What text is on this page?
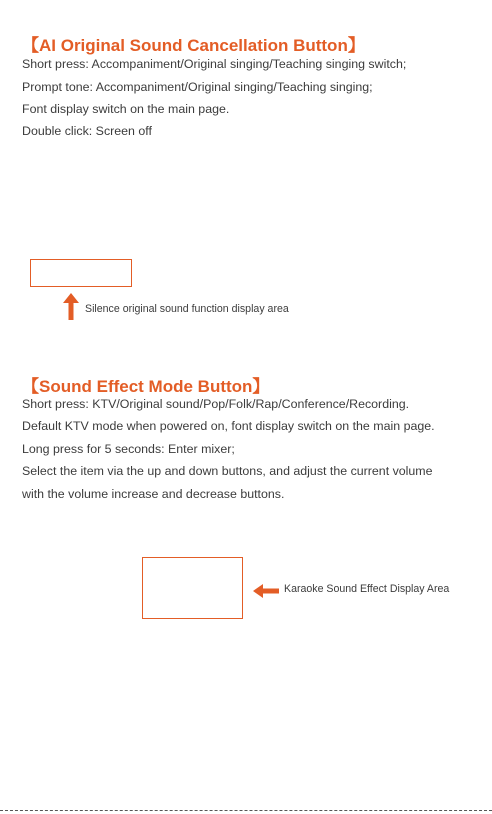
【AI Original Sound Cancellation Button】

Short press: Accompaniment/Original singing/Teaching singing switch;

Prompt tone: Accompaniment/Original singing/Teaching singing;

Font display switch on the main page.

Double click: Screen off

Silence original sound function display area
【Sound Effect Mode Button】

Short press: KTV/Original sound/Pop/Folk/Rap/Conference/Recording.

Default KTV mode when powered on, font display switch on the main page.

Long press for 5 seconds: Enter mixer;

Select the item via the up and down buttons, and adjust the current volume

with the volume increase and decrease buttons.

Karaoke Sound Effect Display Area
